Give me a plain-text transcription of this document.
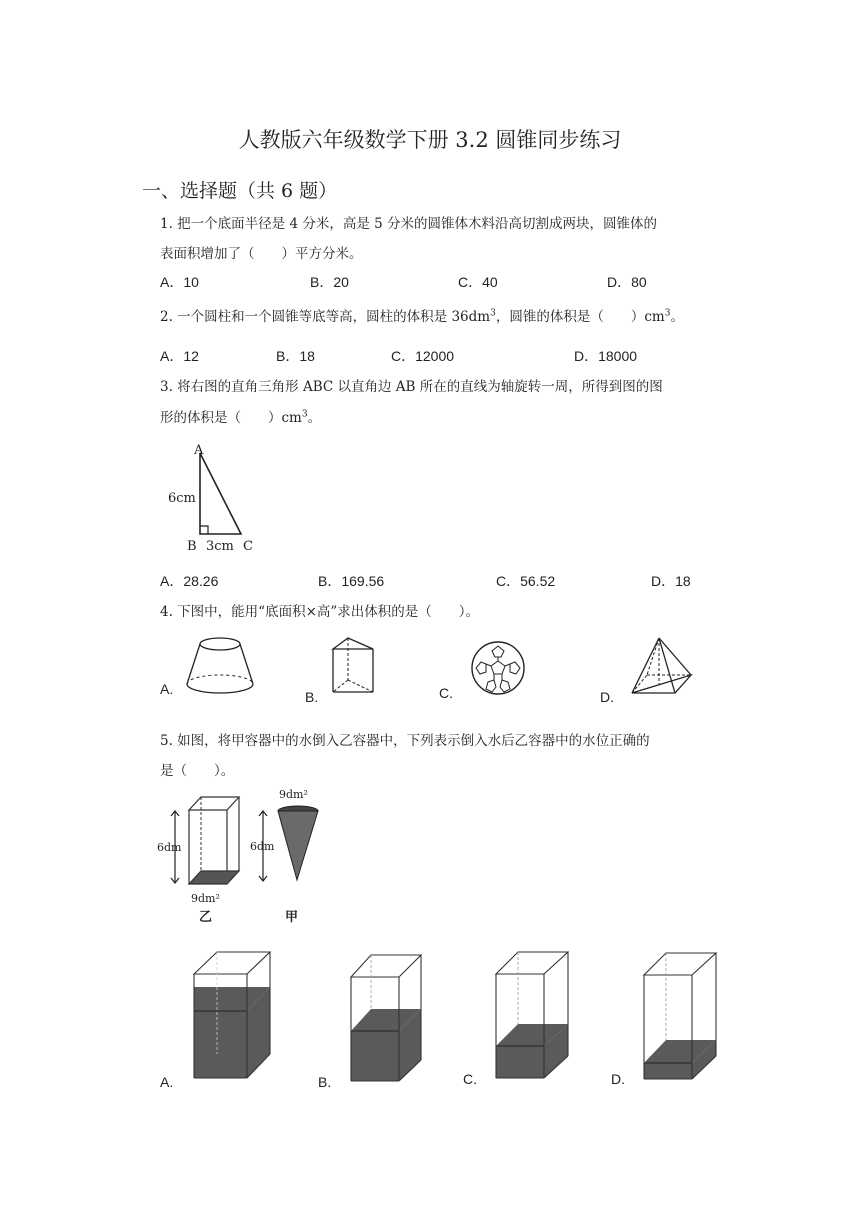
人教版六年级数学下册 3.2 圆锥同步练习
一、选择题（共 6 题）
1. 把一个底面半径是 4 分米，高是 5 分米的圆锥体木料沿高切割成两块，圆锥体的
表面积增加了（　　）平方分米。
A．10	B．20	C．40	D．80
2. 一个圆柱和一个圆锥等底等高，圆柱的体积是 $36dm^3$，圆锥的体积是（　　）$cm^3$。
A．12	B．18	C．12000	D．18000
3. 将右图的直角三角形 ABC 以直角边 AB 所在的直线为轴旋转一周，所得到图的图
形的体积是（　　）$cm^3$。
A
6cm
B 3cm C
A．28.26	B．169.56	C．56.52	D．18
4. 下图中，能用“底面积×高”求出体积的是（　　）。
A.	B.	C.	D.
5. 如图，将甲容器中的水倒入乙容器中，下列表示倒入水后乙容器中的水位正确的
是（　　）。
6dm
9dm²
乙
9dm²
6dm
甲
A.	B.	C.	D.
